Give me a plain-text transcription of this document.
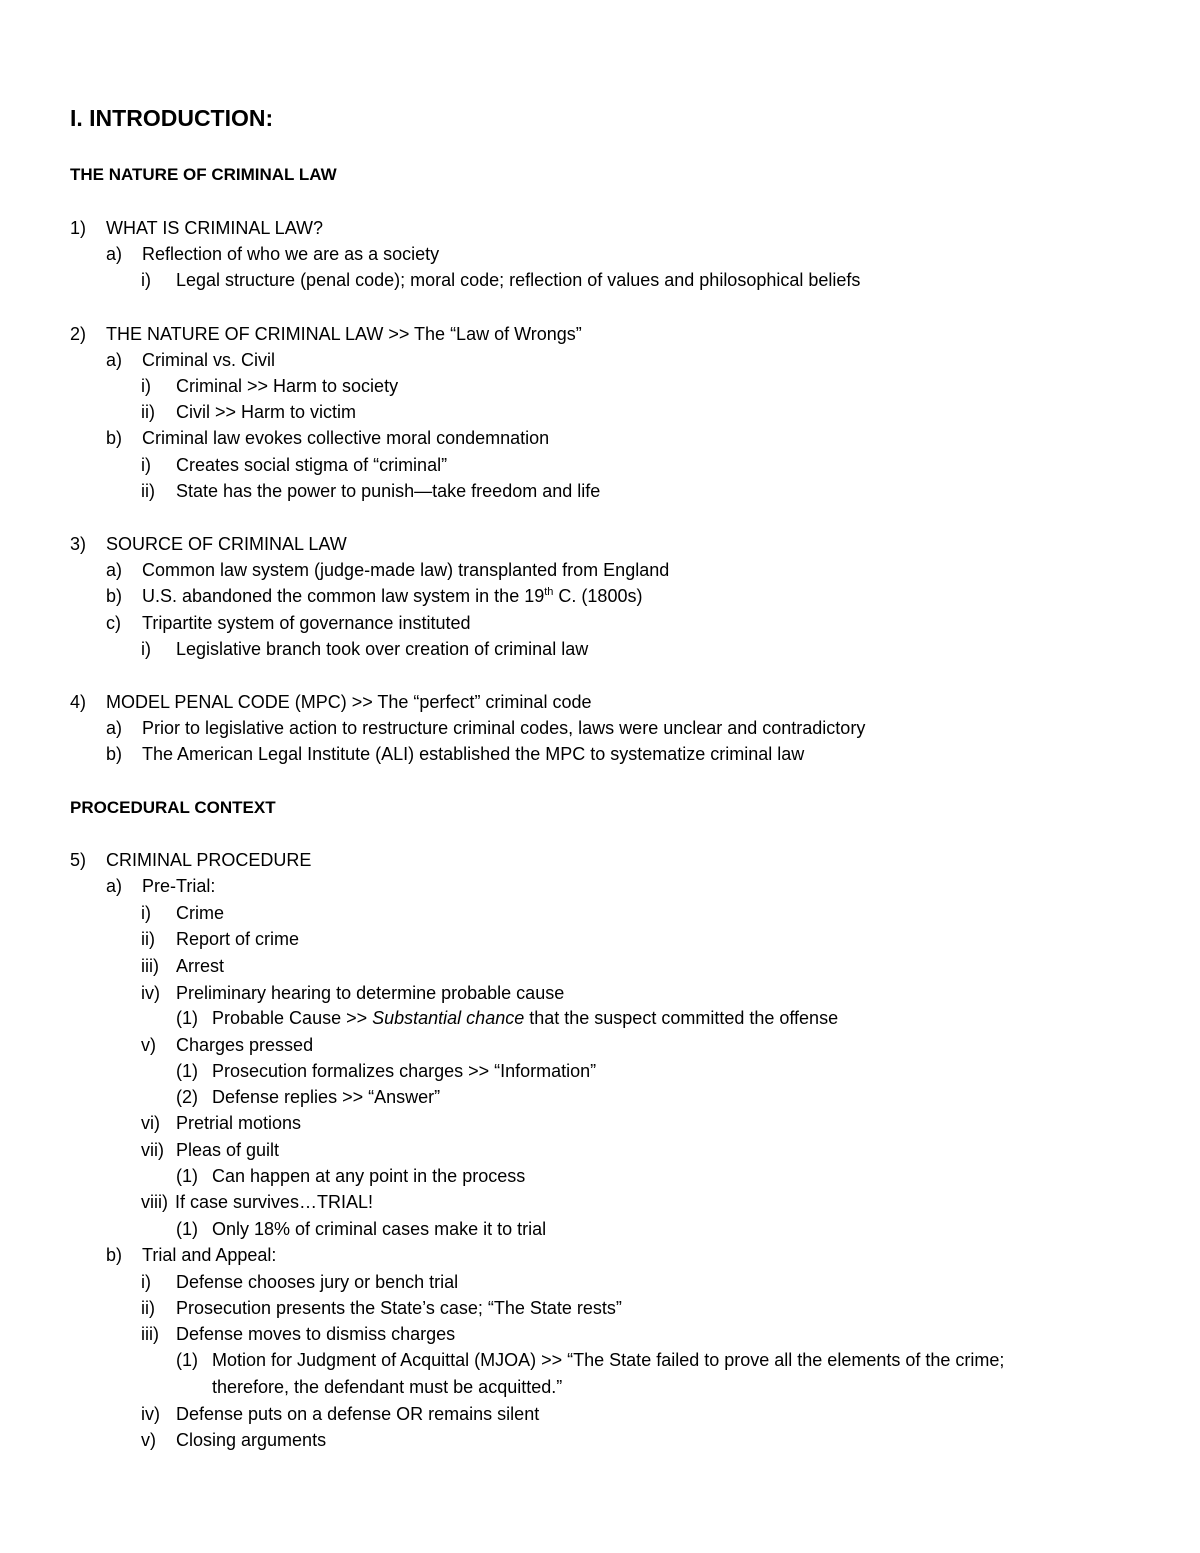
I. INTRODUCTION:
THE NATURE OF CRIMINAL LAW
1) WHAT IS CRIMINAL LAW?
a) Reflection of who we are as a society
i) Legal structure (penal code); moral code; reflection of values and philosophical beliefs
2) THE NATURE OF CRIMINAL LAW >> The “Law of Wrongs”
a) Criminal vs. Civil
i) Criminal >> Harm to society
ii) Civil >> Harm to victim
b) Criminal law evokes collective moral condemnation
i) Creates social stigma of “criminal”
ii) State has the power to punish—take freedom and life
3) SOURCE OF CRIMINAL LAW
a) Common law system (judge-made law) transplanted from England
b) U.S. abandoned the common law system in the 19th C. (1800s)
c) Tripartite system of governance instituted
i) Legislative branch took over creation of criminal law
4) MODEL PENAL CODE (MPC) >> The “perfect” criminal code
a) Prior to legislative action to restructure criminal codes, laws were unclear and contradictory
b) The American Legal Institute (ALI) established the MPC to systematize criminal law
PROCEDURAL CONTEXT
5) CRIMINAL PROCEDURE
a) Pre-Trial:
i) Crime
ii) Report of crime
iii) Arrest
iv) Preliminary hearing to determine probable cause
(1) Probable Cause >> Substantial chance that the suspect committed the offense
v) Charges pressed
(1) Prosecution formalizes charges >> “Information”
(2) Defense replies >> “Answer”
vi) Pretrial motions
vii) Pleas of guilt
(1) Can happen at any point in the process
viii) If case survives…TRIAL!
(1) Only 18% of criminal cases make it to trial
b) Trial and Appeal:
i) Defense chooses jury or bench trial
ii) Prosecution presents the State’s case; “The State rests”
iii) Defense moves to dismiss charges
(1) Motion for Judgment of Acquittal (MJOA) >> “The State failed to prove all the elements of the crime;
therefore, the defendant must be acquitted.”
iv) Defense puts on a defense OR remains silent
v) Closing arguments
